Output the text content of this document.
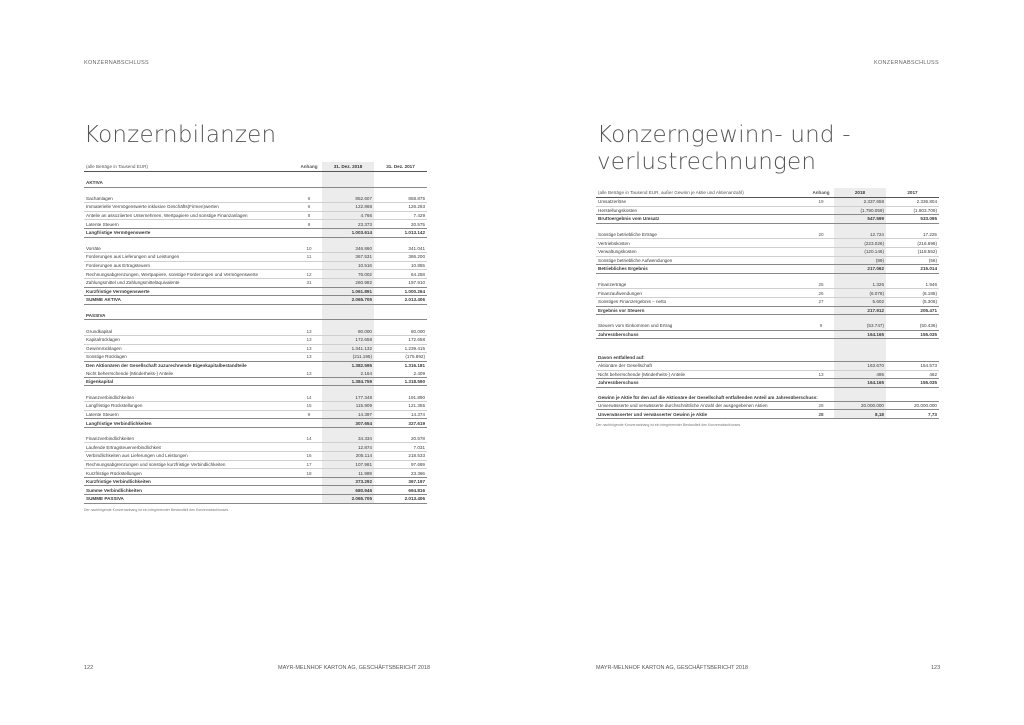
KONZERNABSCHLUSS
Konzernbilanzen
(alle Beträge in Tausend EUR)	Anhang	31. Dez. 2018	31. Dez. 2017

AKTIVA			

Sachanlagen	6	852.607	858.875
Immaterielle Vermögenswerte inklusive Geschäfts(Firmen)werten	6	122.868	126.263
Anteile an assoziierten Unternehmen, Wertpapiere und sonstige Finanzanlagen	8	4.766	7.429
Latente Steuern	9	23.373	20.575
Langfristige Vermögenswerte		1.003.614	1.013.142

Vorräte	10	346.860	341.041
Forderungen aus Lieferungen und Leistungen	11	367.531	386.200
Forderungen aus Ertragsteuern		10.516	10.855
Rechnungsabgrenzungen, Wertpapiere, sonstige Forderungen und Vermögenswerte	12	76.002	64.258
Zahlungsmittel und Zahlungsmitteläquivalente	31	260.982	197.910
Kurzfristige Vermögenswerte		1.061.891	1.000.264
SUMME AKTIVA		2.065.705	2.013.406

PASSIVA			

Grundkapital	13	80.000	80.000
Kapitalrücklagen	13	172.658	172.658
Gewinnrücklagen	13	1.341.132	1.239.415
Sonstige Rücklagen	13	(211.195)	(175.892)
Den Aktionären der Gesellschaft zuzurechnende Eigenkapitalbestandteile		1.382.595	1.316.181
Nicht beherrschende (Minderheits-) Anteile	13	2.164	2.409
Eigenkapital		1.384.759	1.318.590

Finanzverbindlichkeiten	14	177.348	191.890
Langfristige Rückstellungen	15	115.909	121.355
Latente Steuern	9	14.397	14.374
Langfristige Verbindlichkeiten		307.654	327.619

Finanzverbindlichkeiten	14	34.334	20.578
Laufende Ertragsteuerverbindlichkeit		12.874	7.031
Verbindlichkeiten aus Lieferungen und Leistungen	16	205.114	218.533
Rechnungsabgrenzungen und sonstige kurzfristige Verbindlichkeiten	17	107.981	97.689
Kurzfristige Rückstellungen	18	11.989	23.366
Kurzfristige Verbindlichkeiten		373.292	367.197
Summe Verbindlichkeiten		680.946	694.816
SUMME PASSIVA		2.065.705	2.013.406
Der nachfolgende Konzernanhang ist ein integrierender Bestandteil des Konzernabschlusses.
122	MAYR-MELNHOF KARTON AG, GESCHÄFTSBERICHT 2018
KONZERNABSCHLUSS
Konzerngewinn- und -verlustrechnungen
(alle Beträge in Tausend EUR, außer Gewinn je Aktie und Aktienanzahl)	Anhang	2018	2017
Umsatzerlöse	19	2.337.658	2.336.804
Herstellungskosten		(1.790.059)	(1.803.709)
Bruttoergebnis vom Umsatz		547.599	533.095

Sonstige betriebliche Erträge	20	12.724	17.225
Vertriebskosten		(223.026)	(216.698)
Verwaltungskosten		(120.146)	(118.552)
Sonstige betriebliche Aufwendungen		(89)	(56)
Betriebliches Ergebnis		217.062	215.014

Finanzerträge	25	1.326	1.946
Finanzaufwendungen	26	(6.078)	(6.185)
Sonstiges Finanzergebnis – netto	27	5.602	(5.306)
Ergebnis vor Steuern		217.912	205.471

Steuern vom Einkommen und Ertrag	9	(53.747)	(50.436)
Jahresüberschuss		164.165	155.035

Davon entfallend auf:			
Aktionäre der Gesellschaft		163.670	154.573
Nicht beherrschende (Minderheits-) Anteile	13	495	462
Jahresüberschuss		164.165	155.035

Gewinn je Aktie für den auf die Aktionäre der Gesellschaft entfallenden Anteil am Jahresüberschuss:			
Unverwässerte und verwässerte durchschnittliche Anzahl der ausgegebenen Aktien	28	20.000.000	20.000.000
Unverwässerter und verwässerter Gewinn je Aktie	28	8,18	7,73
Der nachfolgende Konzernanhang ist ein integrierender Bestandteil des Konzernabschlusses.
MAYR-MELNHOF KARTON AG, GESCHÄFTSBERICHT 2018	123
